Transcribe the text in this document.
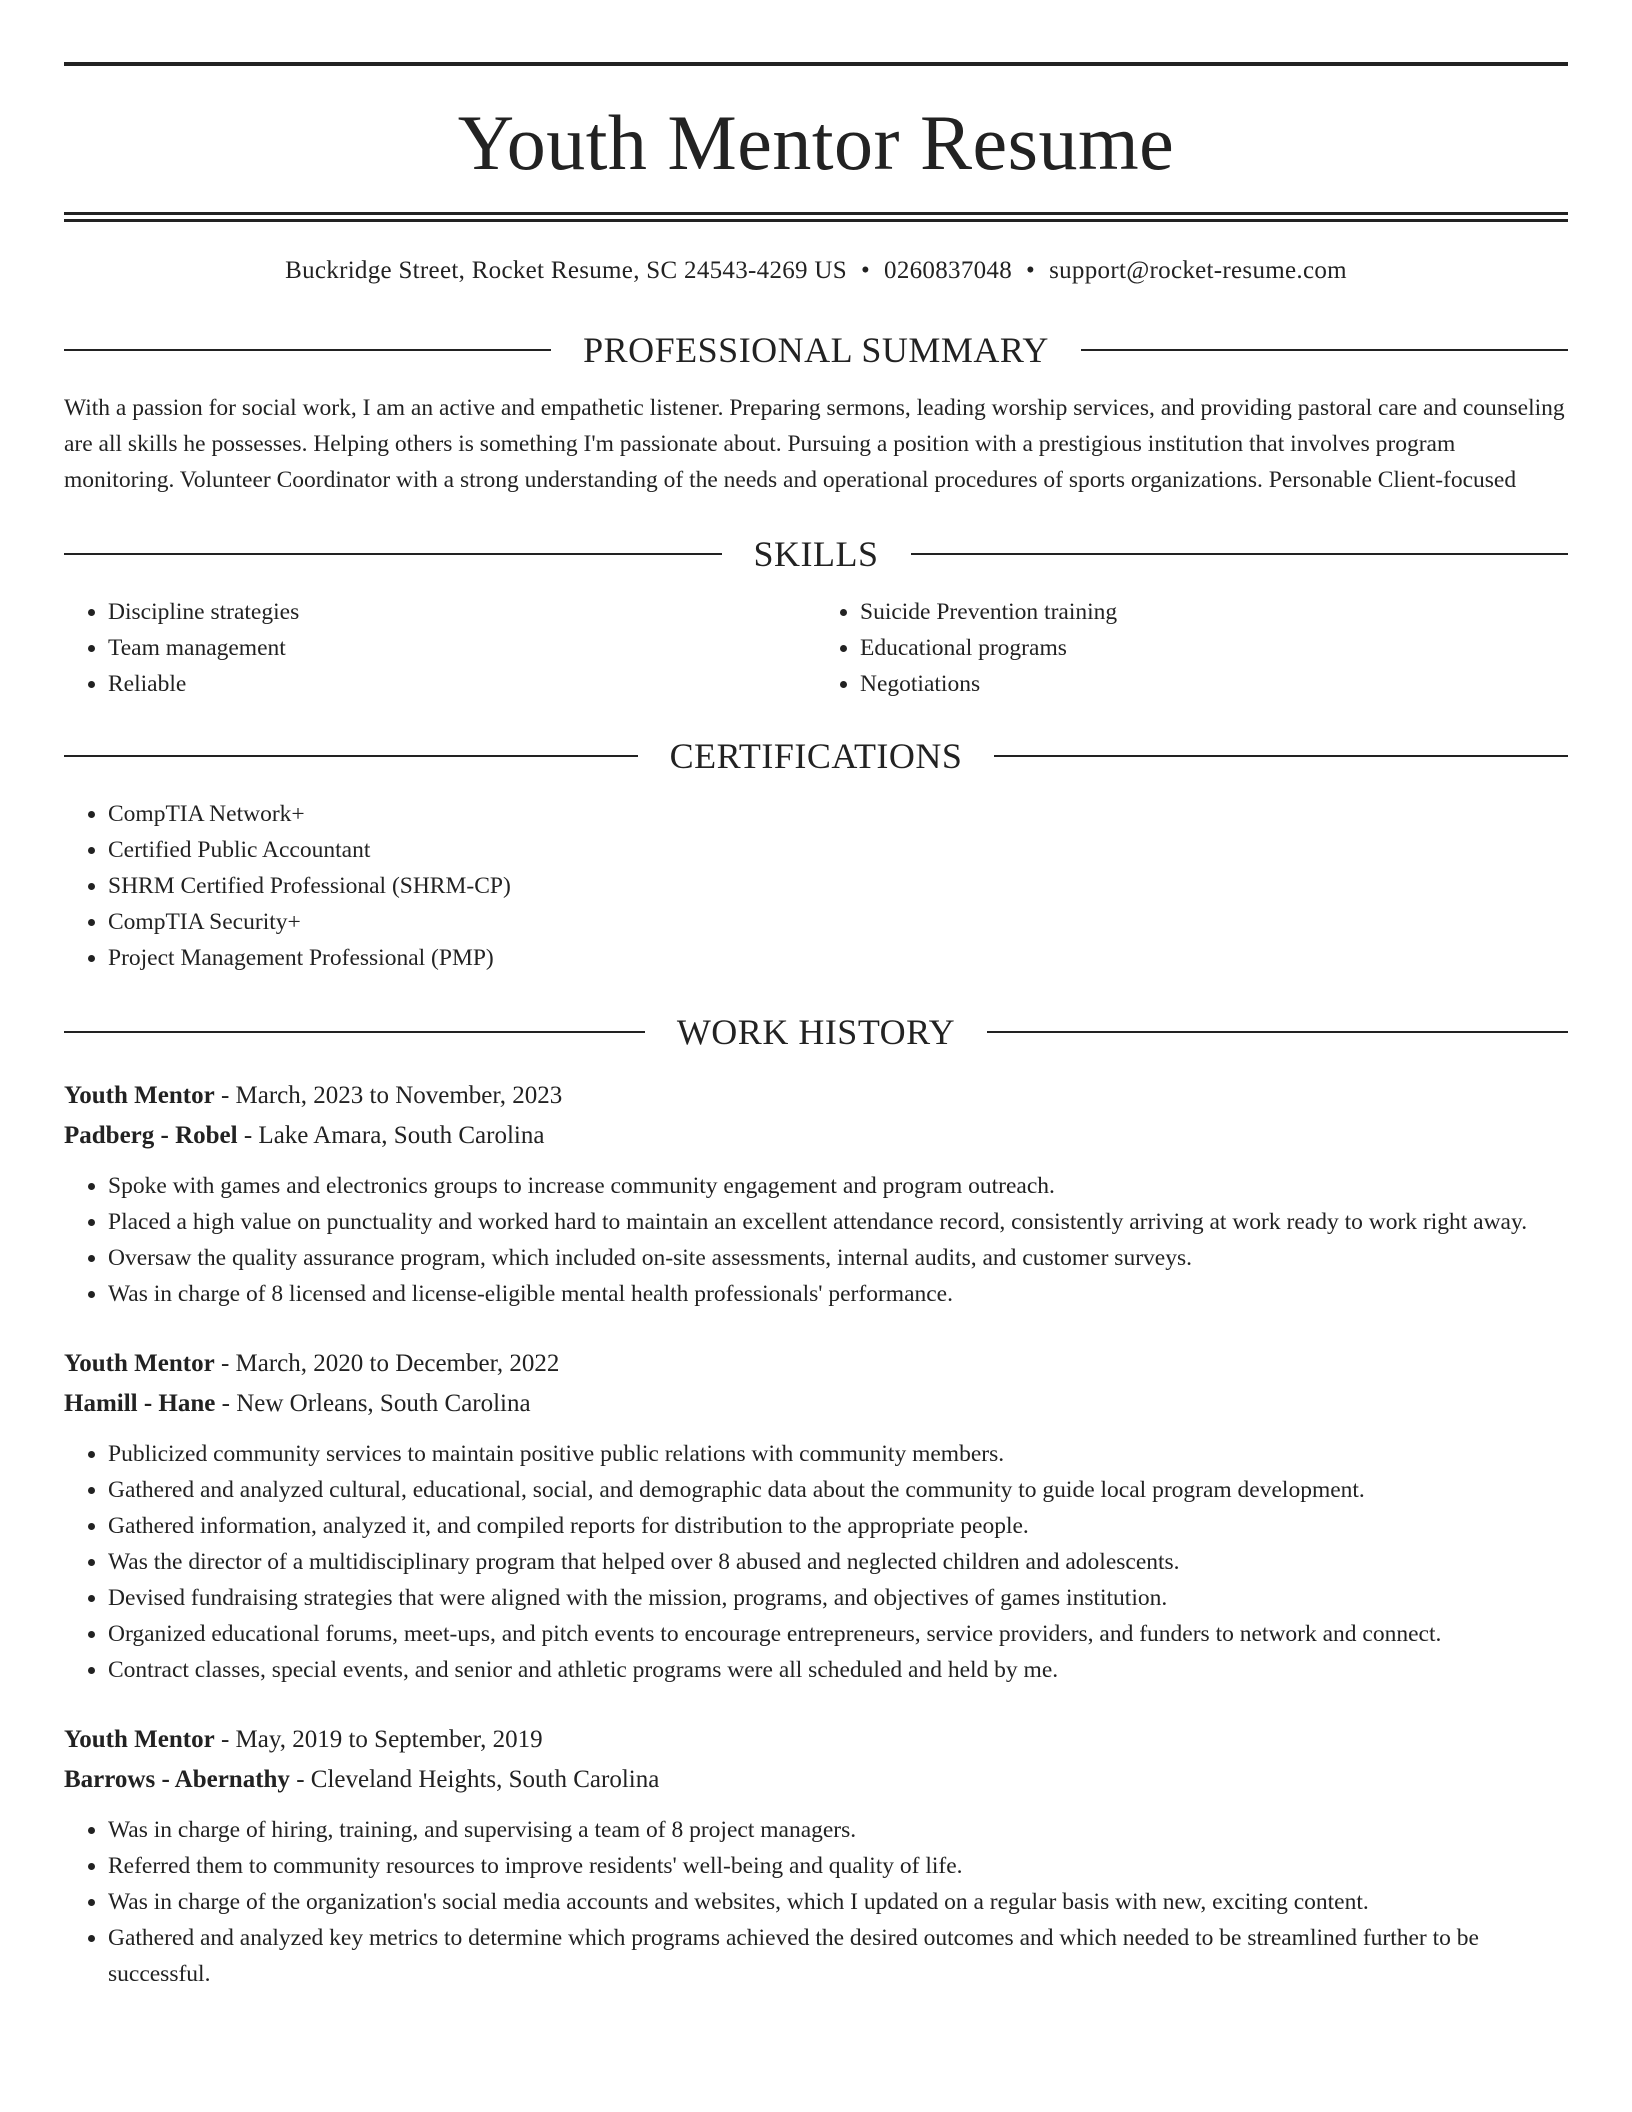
Youth Mentor Resume
Buckridge Street, Rocket Resume, SC 24543-4269 US • 0260837048 • support@rocket-resume.com
PROFESSIONAL SUMMARY

With a passion for social work, I am an active and empathetic listener. Preparing sermons, leading worship services, and providing pastoral care and counseling are all skills he possesses. Helping others is something I'm passionate about. Pursuing a position with a prestigious institution that involves program monitoring. Volunteer Coordinator with a strong understanding of the needs and operational procedures of sports organizations. Personable Client-focused

SKILLS
• Discipline strategies
• Team management
• Reliable
• Suicide Prevention training
• Educational programs
• Negotiations
CERTIFICATIONS
• CompTIA Network+
• Certified Public Accountant
• SHRM Certified Professional (SHRM-CP)
• CompTIA Security+
• Project Management Professional (PMP)
WORK HISTORY
Youth Mentor - March, 2023 to November, 2023
Padberg - Robel - Lake Amara, South Carolina
• Spoke with games and electronics groups to increase community engagement and program outreach.
• Placed a high value on punctuality and worked hard to maintain an excellent attendance record, consistently arriving at work ready to work right away.
• Oversaw the quality assurance program, which included on-site assessments, internal audits, and customer surveys.
• Was in charge of 8 licensed and license-eligible mental health professionals' performance.
Youth Mentor - March, 2020 to December, 2022
Hamill - Hane - New Orleans, South Carolina
• Publicized community services to maintain positive public relations with community members.
• Gathered and analyzed cultural, educational, social, and demographic data about the community to guide local program development.
• Gathered information, analyzed it, and compiled reports for distribution to the appropriate people.
• Was the director of a multidisciplinary program that helped over 8 abused and neglected children and adolescents.
• Devised fundraising strategies that were aligned with the mission, programs, and objectives of games institution.
• Organized educational forums, meet-ups, and pitch events to encourage entrepreneurs, service providers, and funders to network and connect.
• Contract classes, special events, and senior and athletic programs were all scheduled and held by me.
Youth Mentor - May, 2019 to September, 2019
Barrows - Abernathy - Cleveland Heights, South Carolina
• Was in charge of hiring, training, and supervising a team of 8 project managers.
• Referred them to community resources to improve residents' well-being and quality of life.
• Was in charge of the organization's social media accounts and websites, which I updated on a regular basis with new, exciting content.
• Gathered and analyzed key metrics to determine which programs achieved the desired outcomes and which needed to be streamlined further to be successful.
